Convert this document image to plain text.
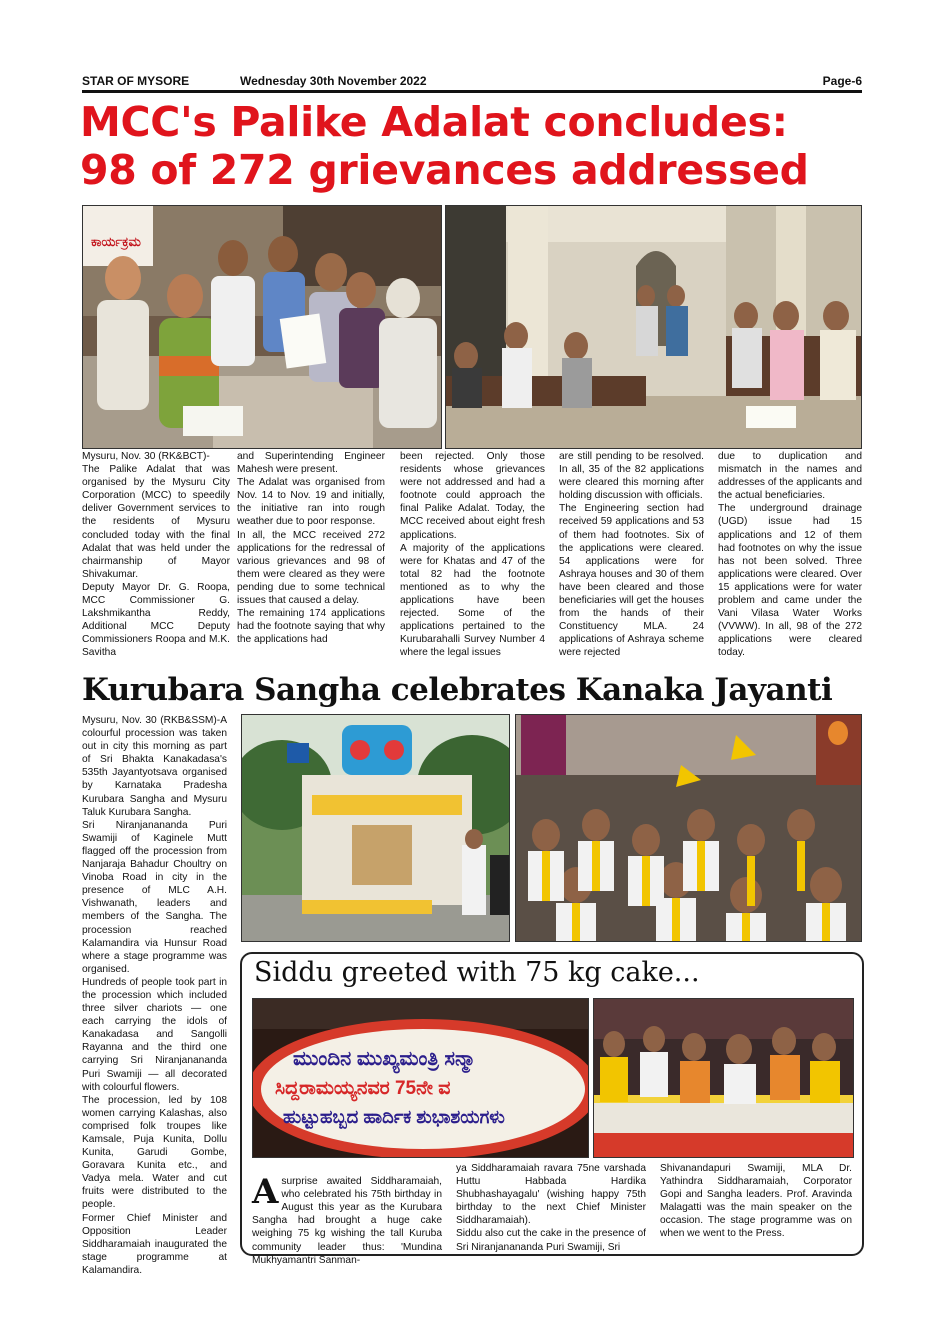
STAR OF MYSORE	Wednesday 30th November 2022	Page-6
MCC's Palike Adalat concludes:
98 of 272 grievances addressed
ಕಾರ್ಯಕ್ರಮ
Mysuru, Nov. 30 (RK&BCT)-
The Palike Adalat that was organised by the Mysuru City Corporation (MCC) to speedily deliver Government services to the residents of Mysuru concluded today with the final Adalat that was held under the chairmanship of Mayor Shivakumar.
Deputy Mayor Dr. G. Roopa, MCC Commissioner G. Lakshmikantha Reddy, Additional MCC Deputy Commissioners Roopa and M.K. Savitha
and Superintending Engineer Mahesh were present.
The Adalat was organised from Nov. 14 to Nov. 19 and initially, the initiative ran into rough weather due to poor response.
In all, the MCC received 272 applications for the redressal of various grievances and 98 of them were cleared as they were pending due to some technical issues that caused a delay.
The remaining 174 applications had the footnote saying that why the applications had
been rejected. Only those residents whose grievances were not addressed and had a footnote could approach the final Palike Adalat. Today, the MCC received about eight fresh applications.
A majority of the applications were for Khatas and 47 of the total 82 had the footnote mentioned as to why the applications have been rejected. Some of the applications pertained to the Kurubarahalli Survey Number 4 where the legal issues
are still pending to be resolved. In all, 35 of the 82 applications were cleared this morning after holding discussion with officials.
The Engineering section had received 59 applications and 53 of them had footnotes. Six of the applications were cleared. 54 applications were for Ashraya houses and 30 of them have been cleared and those beneficiaries will get the houses from the hands of their Constituency MLA. 24 applications of Ashraya scheme were rejected
due to duplication and mismatch in the names and addresses of the applicants and the actual beneficiaries.
The underground drainage (UGD) issue had 15 applications and 12 of them had footnotes on why the issue has not been solved. Three applications were cleared. Over 15 applications were for water problem and came under the Vani Vilasa Water Works (VVWW). In all, 98 of the 272 applications were cleared today.
Kurubara Sangha celebrates Kanaka Jayanti
Mysuru, Nov. 30 (RKB&SSM)-A colourful procession was taken out in city this morning as part of Sri Bhakta Kanakadasa's 535th Jayantyotsava organised by Karnataka Pradesha Kurubara Sangha and Mysuru Taluk Kurubara Sangha.
Sri Niranjanananda Puri Swamiji of Kaginele Mutt flagged off the procession from Nanjaraja Bahadur Choultry on Vinoba Road in city in the presence of MLC A.H. Vishwanath, leaders and members of the Sangha. The procession reached Kalamandira via Hunsur Road where a stage programme was organised.
Hundreds of people took part in the procession which included three silver chariots — one each carrying the idols of Kanakadasa and Sangolli Rayanna and the third one carrying Sri Niranjanananda Puri Swamiji — all decorated with colourful flowers.
The procession, led by 108 women carrying Kalashas, also comprised folk troupes like Kamsale, Puja Kunita, Dollu Kunita, Garudi Gombe, Goravara Kunita etc., and Vadya mela. Water and cut fruits were distributed to the people.
Former Chief Minister and Opposition Leader Siddharamaiah inaugurated the stage programme at Kalamandira.
Siddu greeted with 75 kg cake...
ಮುಂದಿನ ಮುಖ್ಯಮಂತ್ರಿ ಸನ್ಮಾ
ಸಿದ್ದರಾಮಯ್ಯನವರ 75ನೇ ವ
ಹುಟ್ಟುಹಬ್ಬದ ಹಾರ್ದಿಕ ಶುಭಾಶಯಗಳು

Asurprise awaited Siddharamaiah, who celebrated his 75th birthday in August this year as the Kurubara Sangha had brought a huge cake weighing 75 kg wishing the tall Kuruba community leader thus: 'Mundina Mukhyamantri Sanman-

ya Siddharamaiah ravara 75ne varshada Huttu Habbada Hardika Shubhashayagalu' (wishing happy 75th birthday to the next Chief Minister Siddharamaiah).
Siddu also cut the cake in the presence of Sri Niranjanananda Puri Swamiji, Sri
Shivanandapuri Swamiji, MLA Dr. Yathindra Siddharamaiah, Corporator Gopi and Sangha leaders. Prof. Aravinda Malagatti was the main speaker on the occasion. The stage programme was on when we went to the Press.
